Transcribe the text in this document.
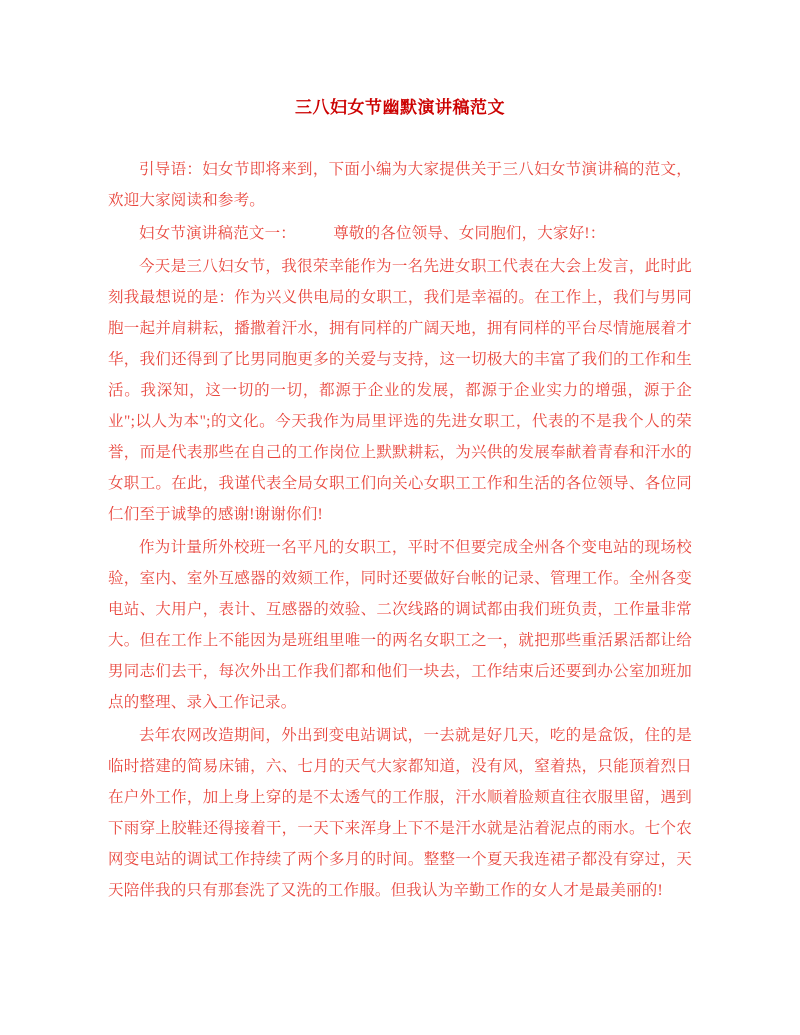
三八妇女节幽默演讲稿范文

引导语：妇女节即将来到，下面小编为大家提供关于三八妇女节演讲稿的范文，欢迎大家阅读和参考。

妇女节演讲稿范文一： 尊敬的各位领导、女同胞们，大家好!：

今天是三八妇女节，我很荣幸能作为一名先进女职工代表在大会上发言，此时此刻我最想说的是：作为兴义供电局的女职工，我们是幸福的。在工作上，我们与男同胞一起并肩耕耘，播撒着汗水，拥有同样的广阔天地，拥有同样的平台尽情施展着才华，我们还得到了比男同胞更多的关爱与支持，这一切极大的丰富了我们的工作和生活。我深知，这一切的一切，都源于企业的发展，都源于企业实力的增强，源于企业";以人为本";的文化。今天我作为局里评选的先进女职工，代表的不是我个人的荣誉，而是代表那些在自己的工作岗位上默默耕耘，为兴供的发展奉献着青春和汗水的女职工。在此，我谨代表全局女职工们向关心女职工工作和生活的各位领导、各位同仁们至于诚挚的感谢!谢谢你们!

作为计量所外校班一名平凡的女职工，平时不但要完成全州各个变电站的现场校验，室内、室外互感器的效颏工作，同时还要做好台帐的记录、管理工作。全州各变电站、大用户，表计、互感器的效验、二次线路的调试都由我们班负责，工作量非常大。但在工作上不能因为是班组里唯一的两名女职工之一，就把那些重活累活都让给男同志们去干，每次外出工作我们都和他们一块去，工作结束后还要到办公室加班加点的整理、录入工作记录。

去年农网改造期间，外出到变电站调试，一去就是好几天，吃的是盒饭，住的是临时搭建的简易床铺，六、七月的天气大家都知道，没有风，窒着热，只能顶着烈日在户外工作，加上身上穿的是不太透气的工作服，汗水顺着脸颊直往衣服里留，遇到下雨穿上胶鞋还得接着干，一天下来浑身上下不是汗水就是沾着泥点的雨水。七个农网变电站的调试工作持续了两个多月的时间。整整一个夏天我连裙子都没有穿过，天天陪伴我的只有那套洗了又洗的工作服。但我认为辛勤工作的女人才是最美丽的!
